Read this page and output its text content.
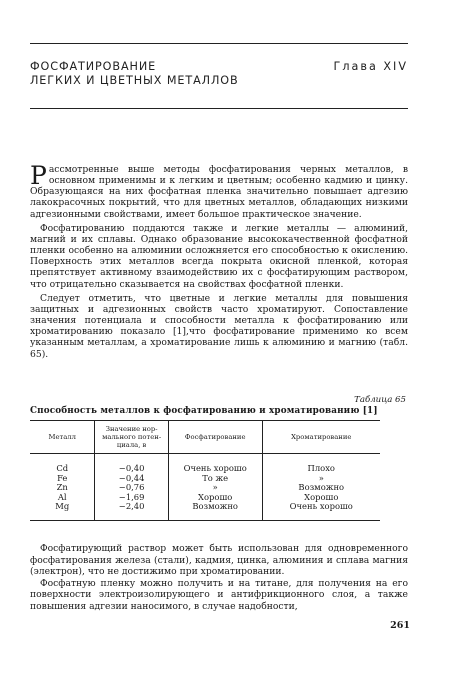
ФОСФАТИРОВАНИЕ
ЛЕГКИХ И ЦВЕТНЫХ МЕТАЛЛОВ
Глава XIV

Рассмотренные выше методы фосфатирования черных металлов, в основном применимы и к легким и цветным; особенно кадмию и цинку. Образующаяся на них фосфатная пленка значительно повышает адгезию лакокрасочных покрытий, что для цветных металлов, обладающих низкими адгезионными свойствами, имеет большое практическое значение.

Фосфатированию поддаются также и легкие металлы — алюминий, магний и их сплавы. Однако образование высококачественной фосфатной пленки особенно на алюминии осложняется его способностью к окислению. Поверхность этих металлов всегда покрыта окисной пленкой, которая препятствует активному взаимодействию их с фосфатирующим раствором, что отрицательно сказывается на свойствах фосфатной пленки.

Следует отметить, что цветные и легкие металлы для повышения защитных и адгезионных свойств часто хроматируют. Сопоставление значения потенциала и способности металла к фосфатированию или хроматированию показало [1],что фосфатирование применимо ко всем указанным металлам, а хроматирование лишь к алюминию и магнию (табл. 65).

Таблица 65
Способность металлов к фосфатированию и хроматированию [1]
Металл	Значение нор-
мального потен-
циала, в	Фосфатирование	Хроматирование

Cd	−0,40	Очень хорошо	Плохо
Fe	−0,44	То же	»
Zn	−0,76	»	Возможно
Al	−1,69	Хорошо	Хорошо
Mg	−2,40	Возможно	Очень хорошо

Фосфатирующий раствор может быть использован для одновременного фосфатирования железа (стали), кадмия, цинка, алюминия и сплава магния (электрон), что не достижимо при хроматировании.

Фосфатную пленку можно получить и на титане, для получения на его поверхности электроизолирующего и антифрикционного слоя, а также повышения адгезии наносимого, в случае надобности,

261
